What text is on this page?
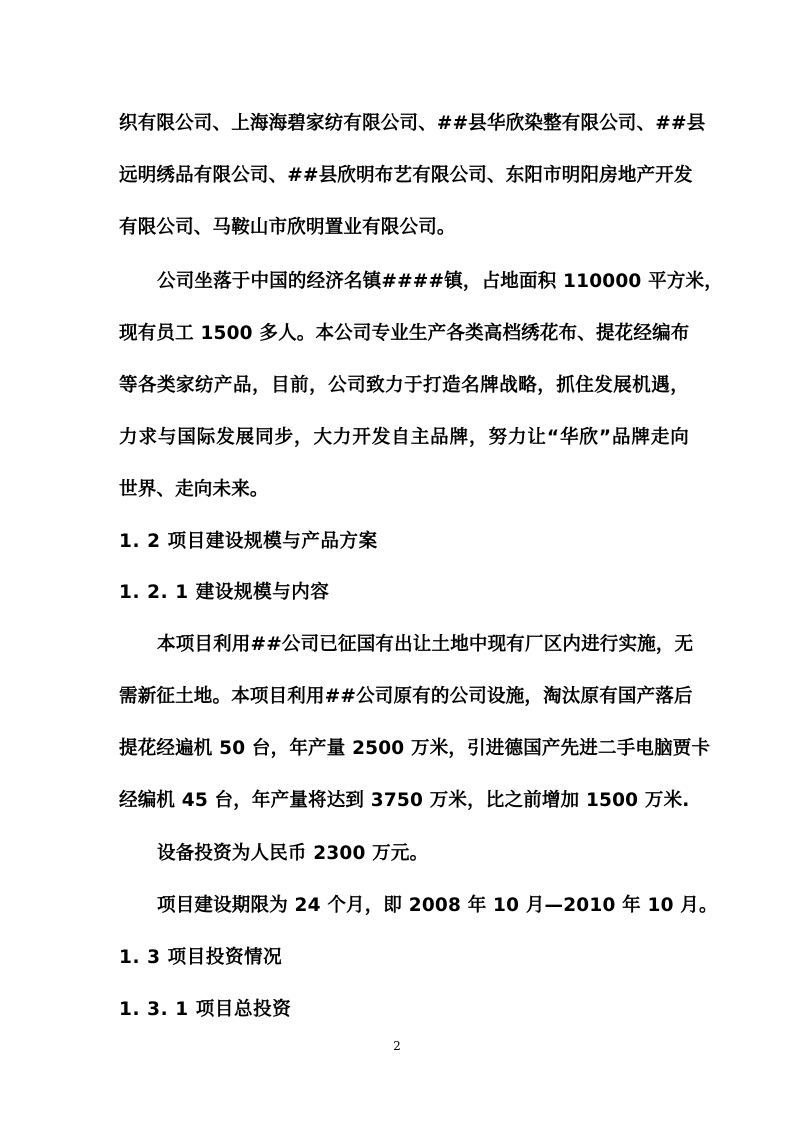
织有限公司、上海海碧家纺有限公司、##县华欣染整有限公司、##县
远明绣品有限公司、##县欣明布艺有限公司、东阳市明阳房地产开发
有限公司、马鞍山市欣明置业有限公司。
公司坐落于中国的经济名镇####镇，占地面积 110000 平方米，
现有员工 1500 多人。本公司专业生产各类高档绣花布、提花经编布
等各类家纺产品，目前，公司致力于打造名牌战略，抓住发展机遇，
力求与国际发展同步，大力开发自主品牌，努力让“华欣”品牌走向
世界、走向未来。
1. 2 项目建设规模与产品方案
1. 2. 1 建设规模与内容
本项目利用##公司已征国有出让土地中现有厂区内进行实施，无
需新征土地。本项目利用##公司原有的公司设施，淘汰原有国产落后
提花经遍机 50 台，年产量 2500 万米，引进德国产先进二手电脑贾卡
经编机 45 台，年产量将达到 3750 万米，比之前增加 1500 万米.
设备投资为人民币 2300 万元。
项目建设期限为 24 个月，即 2008 年 10 月—2010 年 10 月。
1. 3 项目投资情况
1. 3. 1 项目总投资
2
